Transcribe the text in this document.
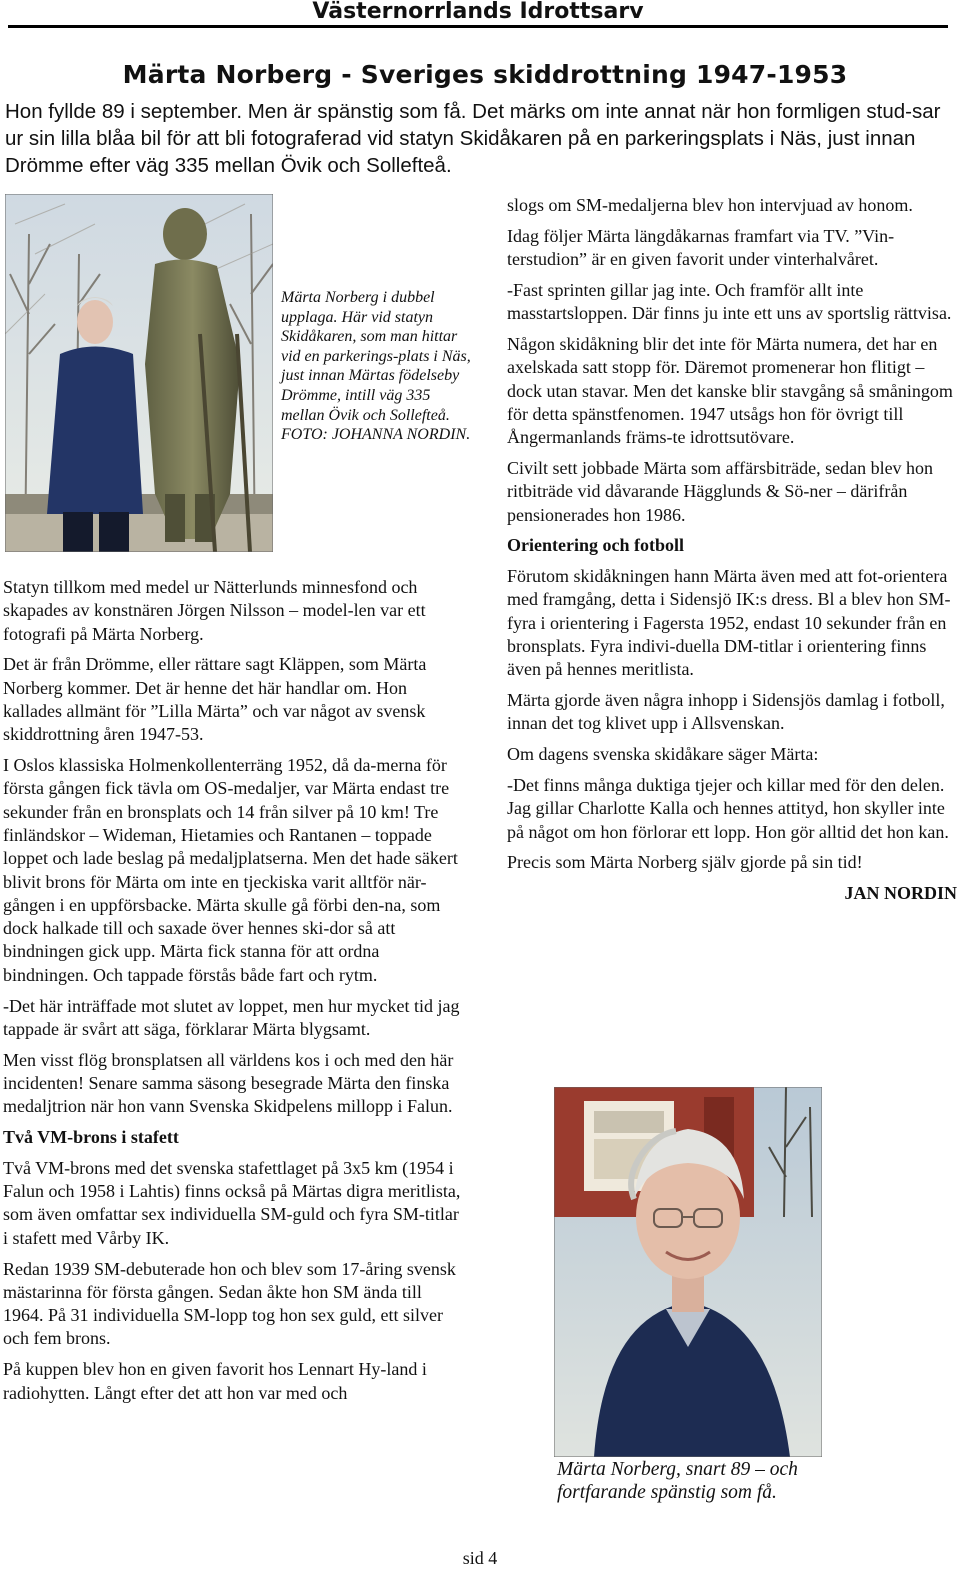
Västernorrlands Idrottsarv
Märta Norberg - Sveriges skiddrottning 1947-1953

Hon fyllde 89 i september. Men är spänstig som få. Det märks om inte annat när hon formligen stud-sar ur sin lilla blåa bil för att bli fotograferad vid statyn Skidåkaren på en parkeringsplats i Näs, just innan Drömme efter väg 335 mellan Övik och Sollefteå.

Märta Norberg i dubbel upplaga. Här vid statyn Skidåkaren, som man hittar vid en parkerings-plats i Näs, just innan Märtas födelseby Drömme, intill väg 335 mellan Övik och Sollefteå. FOTO: JOHANNA NORDIN.

Statyn tillkom med medel ur Nätterlunds minnesfond och skapades av konstnären Jörgen Nilsson – model-len var ett fotografi på Märta Norberg.

Det är från Drömme, eller rättare sagt Kläppen, som Märta Norberg kommer. Det är henne det här handlar om. Hon kallades allmänt för ”Lilla Märta” och var något av svensk skiddrottning åren 1947-53.

I Oslos klassiska Holmenkollenterräng 1952, då da-merna för första gången fick tävla om OS-medaljer, var Märta endast tre sekunder från en bronsplats och 14 från silver på 10 km! Tre finländskor – Wideman, Hietamies och Rantanen – toppade loppet och lade beslag på medaljplatserna. Men det hade säkert blivit brons för Märta om inte en tjeckiska varit alltför när-gången i en uppförsbacke. Märta skulle gå förbi den-na, som dock halkade till och saxade över hennes ski-dor så att bindningen gick upp. Märta fick stanna för att ordna bindningen. Och tappade förstås både fart och rytm.

-Det här inträffade mot slutet av loppet, men hur mycket tid jag tappade är svårt att säga, förklarar Märta blygsamt.

Men visst flög bronsplatsen all världens kos i och med den här incidenten! Senare samma säsong besegrade Märta den finska medaljtrion när hon vann Svenska Skidpelens millopp i Falun.

Två VM-brons i stafett

Två VM-brons med det svenska stafettlaget på 3x5 km (1954 i Falun och 1958 i Lahtis) finns också på Märtas digra meritlista, som även omfattar sex individuella SM-guld och fyra SM-titlar i stafett med Vårby IK.

Redan 1939 SM-debuterade hon och blev som 17-åring svensk mästarinna för första gången. Sedan åkte hon SM ända till 1964. På 31 individuella SM-lopp tog hon sex guld, ett silver och fem brons.

På kuppen blev hon en given favorit hos Lennart Hy-land i radiohytten. Långt efter det att hon var med och

slogs om SM-medaljerna blev hon intervjuad av honom.

Idag följer Märta längdåkarnas framfart via TV. ”Vin-terstudion” är en given favorit under vinterhalvåret.

-Fast sprinten gillar jag inte. Och framför allt inte masstartsloppen. Där finns ju inte ett uns av sportslig rättvisa.

Någon skidåkning blir det inte för Märta numera, det har en axelskada satt stopp för. Däremot promenerar hon flitigt – dock utan stavar. Men det kanske blir stavgång så småningom för detta spänstfenomen. 1947 utsågs hon för övrigt till Ångermanlands främs-te idrottsutövare.

Civilt sett jobbade Märta som affärsbiträde, sedan blev hon ritbiträde vid dåvarande Hägglunds & Sö-ner – därifrån pensionerades hon 1986.

Orientering och fotboll

Förutom skidåkningen hann Märta även med att fot-orientera med framgång, detta i Sidensjö IK:s dress. Bl a blev hon SM-fyra i orientering i Fagersta 1952, endast 10 sekunder från en bronsplats. Fyra indivi-duella DM-titlar i orientering finns även på hennes meritlista.

Märta gjorde även några inhopp i Sidensjös damlag i fotboll, innan det tog klivet upp i Allsvenskan.

Om dagens svenska skidåkare säger Märta:

-Det finns många duktiga tjejer och killar med för den delen. Jag gillar Charlotte Kalla och hennes attityd, hon skyller inte på något om hon förlorar ett lopp. Hon gör alltid det hon kan.

Precis som Märta Norberg själv gjorde på sin tid!

JAN NORDIN

Märta Norberg, snart 89 – och fortfarande spänstig som få.
sid 4
